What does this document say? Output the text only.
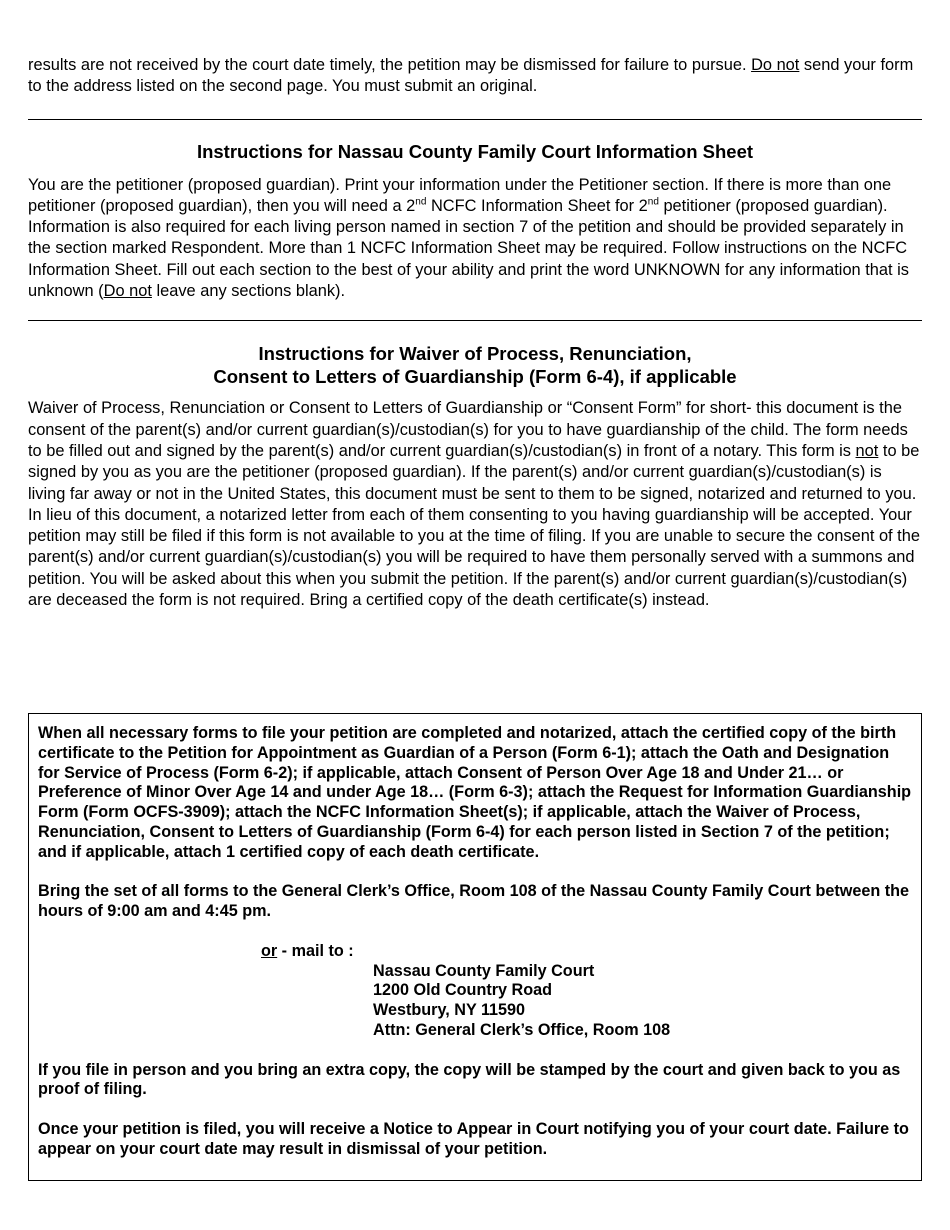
results are not received by the court date timely, the petition may be dismissed for failure to pursue. Do not send your form to the address listed on the second page. You must submit an original.

Instructions for Nassau County Family Court Information Sheet

You are the petitioner (proposed guardian). Print your information under the Petitioner section. If there is more than one petitioner (proposed guardian), then you will need a 2nd NCFC Information Sheet for 2nd petitioner (proposed guardian). Information is also required for each living person named in section 7 of the petition and should be provided separately in the section marked Respondent. More than 1 NCFC Information Sheet may be required. Follow instructions on the NCFC Information Sheet. Fill out each section to the best of your ability and print the word UNKNOWN for any information that is unknown (Do not leave any sections blank).

Instructions for Waiver of Process, Renunciation,
Consent to Letters of Guardianship (Form 6-4), if applicable

Waiver of Process, Renunciation or Consent to Letters of Guardianship or “Consent Form” for short- this document is the consent of the parent(s) and/or current guardian(s)/custodian(s) for you to have guardianship of the child. The form needs to be filled out and signed by the parent(s) and/or current guardian(s)/custodian(s) in front of a notary. This form is not to be signed by you as you are the petitioner (proposed guardian). If the parent(s) and/or current guardian(s)/custodian(s) is living far away or not in the United States, this document must be sent to them to be signed, notarized and returned to you. In lieu of this document, a notarized letter from each of them consenting to you having guardianship will be accepted. Your petition may still be filed if this form is not available to you at the time of filing. If you are unable to secure the consent of the parent(s) and/or current guardian(s)/custodian(s) you will be required to have them personally served with a summons and petition. You will be asked about this when you submit the petition. If the parent(s) and/or current guardian(s)/custodian(s) are deceased the form is not required. Bring a certified copy of the death certificate(s) instead.

When all necessary forms to file your petition are completed and notarized, attach the certified copy of the birth certificate to the Petition for Appointment as Guardian of a Person (Form 6-1); attach the Oath and Designation for Service of Process (Form 6-2); if applicable, attach Consent of Person Over Age 18 and Under 21… or Preference of Minor Over Age 14 and under Age 18… (Form 6-3); attach the Request for Information Guardianship Form (Form OCFS-3909); attach the NCFC Information Sheet(s); if applicable, attach the Waiver of Process, Renunciation, Consent to Letters of Guardianship (Form 6-4) for each person listed in Section 7 of the petition; and if applicable, attach 1 certified copy of each death certificate.

Bring the set of all forms to the General Clerk’s Office, Room 108 of the Nassau County Family Court between the hours of 9:00 am and 4:45 pm.

or - mail to :

Nassau County Family Court

1200 Old Country Road

Westbury, NY 11590

Attn: General Clerk’s Office, Room 108

If you file in person and you bring an extra copy, the copy will be stamped by the court and given back to you as proof of filing.

Once your petition is filed, you will receive a Notice to Appear in Court notifying you of your court date. Failure to appear on your court date may result in dismissal of your petition.
